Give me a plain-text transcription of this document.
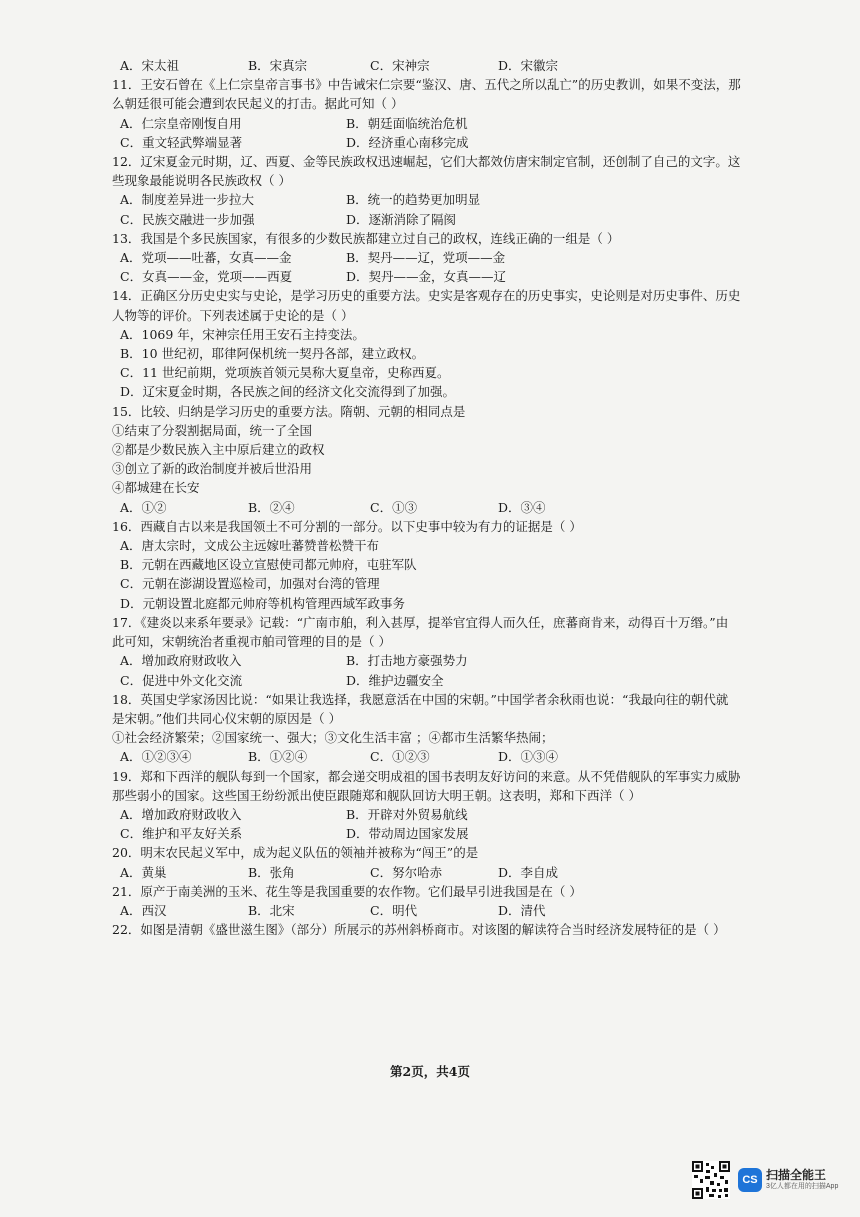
A．宋太祖	B．宋真宗	C．宋神宗	D．宋徽宗
11．王安石曾在《上仁宗皇帝言事书》中告诫宋仁宗要“鉴汉、唐、五代之所以乱亡”的历史教训，如果不变法，那
么朝廷很可能会遭到农民起义的打击。据此可知（ ）
A．仁宗皇帝刚愎自用	B．朝廷面临统治危机
C．重文轻武弊端显著	D．经济重心南移完成
12．辽宋夏金元时期，辽、西夏、金等民族政权迅速崛起，它们大都效仿唐宋制定官制，还创制了自己的文字。这
些现象最能说明各民族政权（ ）
A．制度差异进一步拉大	B．统一的趋势更加明显
C．民族交融进一步加强	D．逐渐消除了隔阂
13．我国是个多民族国家，有很多的少数民族都建立过自己的政权，连线正确的一组是（ ）
A．党项——吐蕃，女真——金	B．契丹——辽，党项——金
C．女真——金，党项——西夏	D．契丹——金，女真——辽
14．正确区分历史史实与史论，是学习历史的重要方法。史实是客观存在的历史事实，史论则是对历史事件、历史
人物等的评价。下列表述属于史论的是（ ）
A．1069 年，宋神宗任用王安石主持变法。
B．10 世纪初，耶律阿保机统一契丹各部，建立政权。
C．11 世纪前期，党项族首领元昊称大夏皇帝，史称西夏。
D．辽宋夏金时期，各民族之间的经济文化交流得到了加强。
15．比较、归纳是学习历史的重要方法。隋朝、元朝的相同点是
①结束了分裂割据局面，统一了全国
②都是少数民族入主中原后建立的政权
③创立了新的政治制度并被后世沿用
④都城建在长安
A．①②	B．②④	C．①③	D．③④
16．西藏自古以来是我国领土不可分割的一部分。以下史事中较为有力的证据是（ ）
A．唐太宗时，文成公主远嫁吐蕃赞普松赞干布
B．元朝在西藏地区设立宣慰使司都元帅府，屯驻军队
C．元朝在澎湖设置巡检司，加强对台湾的管理
D．元朝设置北庭都元帅府等机构管理西域军政事务
17．《建炎以来系年要录》记载：“广南市舶，利入甚厚，提举官宜得人而久任，庶蕃商肯来，动得百十万缗。”由
此可知，宋朝统治者重视市舶司管理的目的是（ ）
A．增加政府财政收入	B．打击地方豪强势力
C．促进中外文化交流	D．维护边疆安全
18．英国史学家汤因比说：“如果让我选择，我愿意活在中国的宋朝。”中国学者余秋雨也说：“我最向往的朝代就
是宋朝。”他们共同心仪宋朝的原因是（ ）
①社会经济繁荣；②国家统一、强大；③文化生活丰富 ；④都市生活繁华热闹；
A．①②③④	B．①②④	C．①②③	D．①③④
19．郑和下西洋的舰队每到一个国家，都会递交明成祖的国书表明友好访问的来意。从不凭借舰队的军事实力威胁
那些弱小的国家。这些国王纷纷派出使臣跟随郑和舰队回访大明王朝。这表明，郑和下西洋（ ）
A．增加政府财政收入	B．开辟对外贸易航线
C．维护和平友好关系	D．带动周边国家发展
20．明末农民起义军中，成为起义队伍的领袖并被称为“闯王”的是
A．黄巢	B．张角	C．努尔哈赤	D．李自成
21．原产于南美洲的玉米、花生等是我国重要的农作物。它们最早引进我国是在（ ）
A．西汉	B．北宋	C．明代	D．清代
22．如图是清朝《盛世滋生图》（部分）所展示的苏州斜桥商市。对该图的解读符合当时经济发展特征的是（ ）
第2页，共4页
CS 扫描全能王
3亿人都在用的扫描App
